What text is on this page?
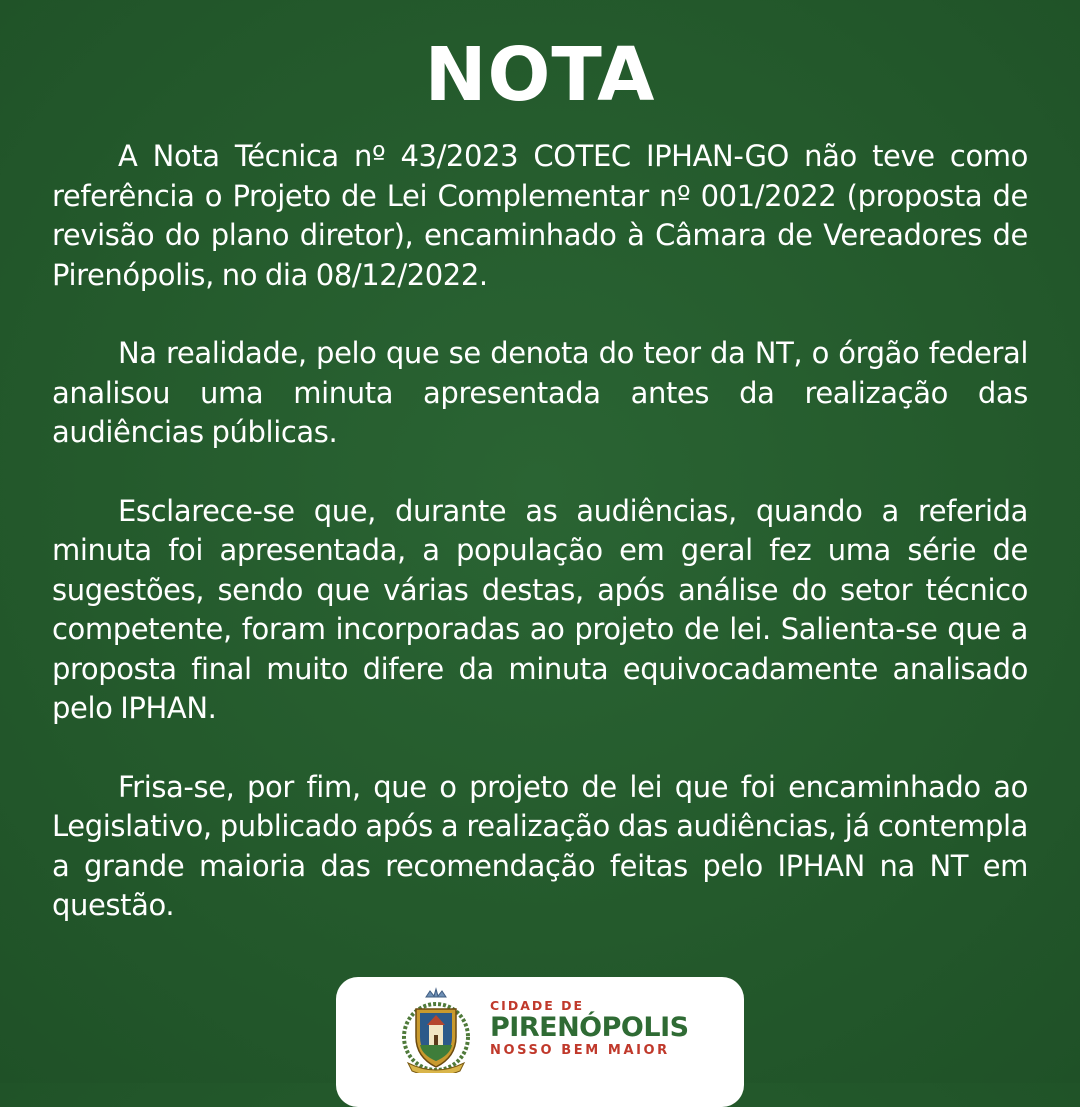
NOTA

A Nota Técnica nº 43/2023 COTEC IPHAN-GO não teve como referência o Projeto de Lei Complementar nº 001/2022 (proposta de revisão do plano diretor), encaminhado à Câmara de Vereadores de Pirenópolis, no dia 08/12/2022.

Na realidade, pelo que se denota do teor da NT, o órgão federal analisou uma minuta apresentada antes da realização das audiências públicas.

Esclarece-se que, durante as audiências, quando a referida minuta foi apresentada, a população em geral fez uma série de sugestões, sendo que várias destas, após análise do setor técnico competente, foram incorporadas ao projeto de lei. Salienta-se que a proposta final muito difere da minuta equivocadamente analisado pelo IPHAN.

Frisa-se, por fim, que o projeto de lei que foi encaminhado ao Legislativo, publicado após a realização das audiências, já contempla a grande maioria das recomendação feitas pelo IPHAN na NT em questão.

CIDADE DE
PIRENÓPOLIS
NOSSO BEM MAIOR
